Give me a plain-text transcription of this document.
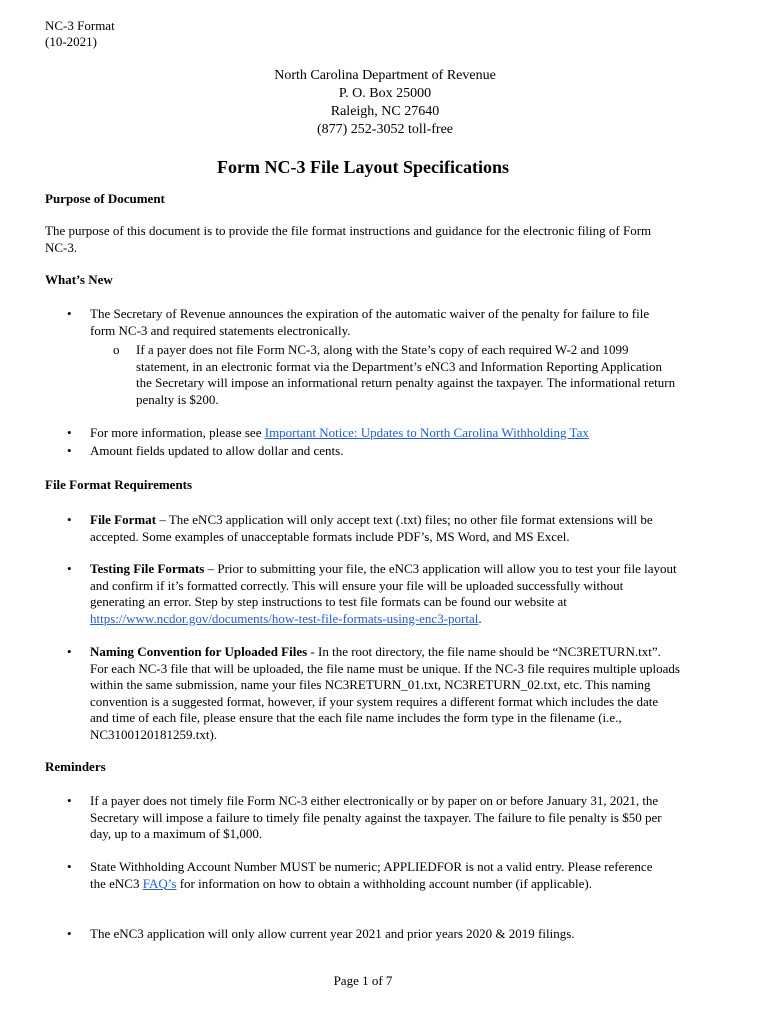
NC-3 Format
(10-2021)
North Carolina Department of Revenue
P. O. Box 25000
Raleigh, NC 27640
(877) 252-3052 toll-free
Form NC-3 File Layout Specifications
Purpose of Document
The purpose of this document is to provide the file format instructions and guidance for the electronic filing of Form NC-3.
What’s New
• The Secretary of Revenue announces the expiration of the automatic waiver of the penalty for failure to file form NC-3 and required statements electronically.
o If a payer does not file Form NC-3, along with the State’s copy of each required W-2 and 1099 statement, in an electronic format via the Department’s eNC3 and Information Reporting Application the Secretary will impose an informational return penalty against the taxpayer. The informational return penalty is $200.
• For more information, please see Important Notice: Updates to North Carolina Withholding Tax
• Amount fields updated to allow dollar and cents.
File Format Requirements
• File Format – The eNC3 application will only accept text (.txt) files; no other file format extensions will be accepted. Some examples of unacceptable formats include PDF’s, MS Word, and MS Excel.
• Testing File Formats – Prior to submitting your file, the eNC3 application will allow you to test your file layout and confirm if it’s formatted correctly. This will ensure your file will be uploaded successfully without generating an error. Step by step instructions to test file formats can be found our website at https://www.ncdor.gov/documents/how-test-file-formats-using-enc3-portal.
• Naming Convention for Uploaded Files - In the root directory, the file name should be “NC3RETURN.txt”. For each NC-3 file that will be uploaded, the file name must be unique. If the NC-3 file requires multiple uploads within the same submission, name your files NC3RETURN_01.txt, NC3RETURN_02.txt, etc. This naming convention is a suggested format, however, if your system requires a different format which includes the date and time of each file, please ensure that the each file name includes the form type in the filename (i.e., NC3100120181259.txt).
Reminders
• If a payer does not timely file Form NC-3 either electronically or by paper on or before January 31, 2021, the Secretary will impose a failure to timely file penalty against the taxpayer. The failure to file penalty is $50 per day, up to a maximum of $1,000.
• State Withholding Account Number MUST be numeric; APPLIEDFOR is not a valid entry. Please reference the eNC3 FAQ’s for information on how to obtain a withholding account number (if applicable).
• The eNC3 application will only allow current year 2021 and prior years 2020 & 2019 filings.
Page 1 of 7
